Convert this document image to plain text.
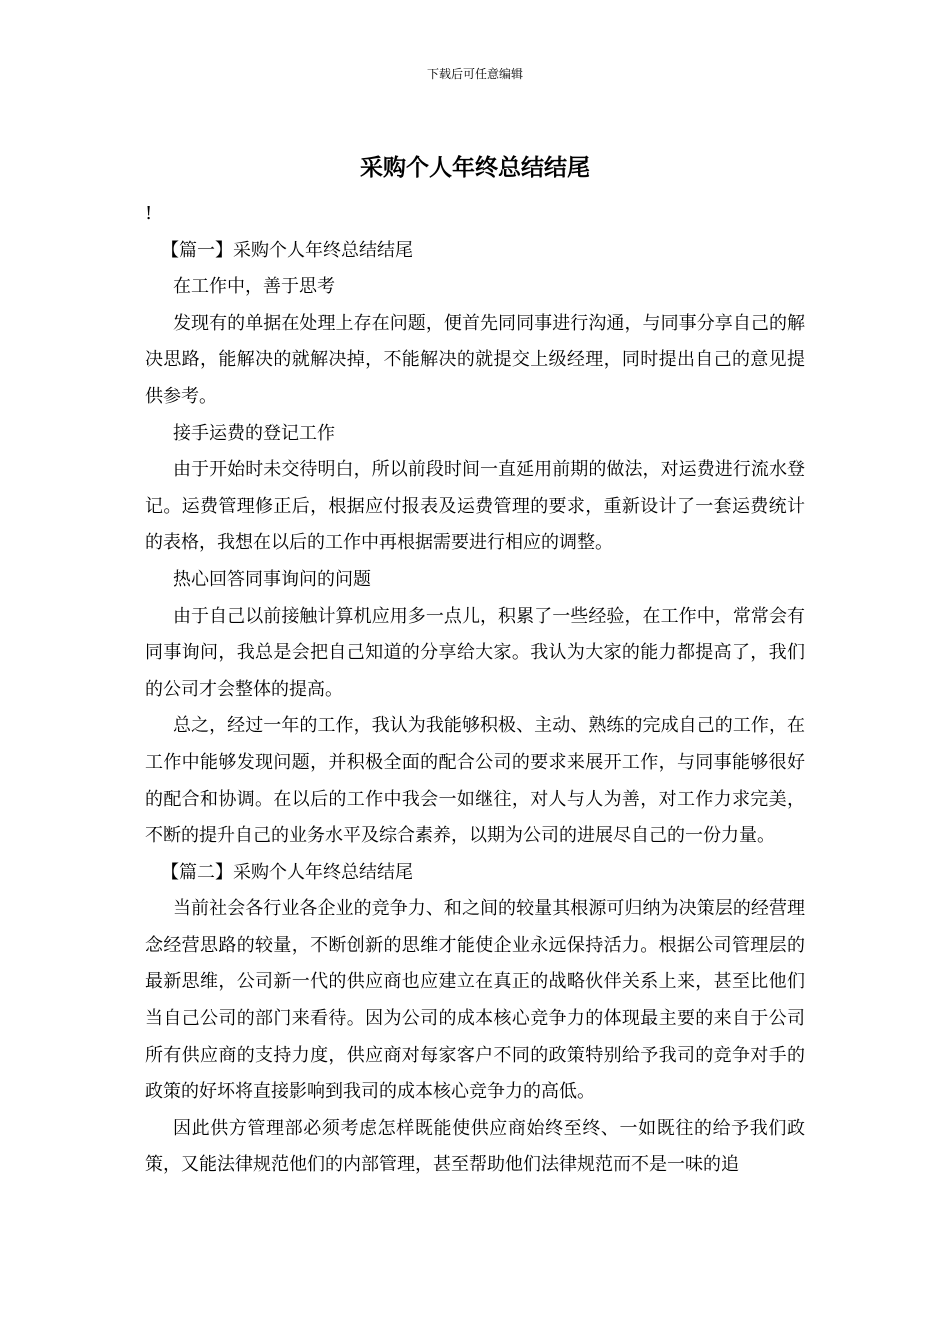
下载后可任意编辑
采购个人年终总结结尾

!

【篇一】采购个人年终总结结尾

在工作中，善于思考

发现有的单据在处理上存在问题，便首先同同事进行沟通，与同事分享自己的解决思路，能解决的就解决掉，不能解决的就提交上级经理，同时提出自己的意见提供参考。

接手运费的登记工作

由于开始时未交待明白，所以前段时间一直延用前期的做法，对运费进行流水登记。运费管理修正后，根据应付报表及运费管理的要求，重新设计了一套运费统计的表格，我想在以后的工作中再根据需要进行相应的调整。

热心回答同事询问的问题

由于自己以前接触计算机应用多一点儿，积累了一些经验，在工作中，常常会有同事询问，我总是会把自己知道的分享给大家。我认为大家的能力都提高了，我们的公司才会整体的提高。

总之，经过一年的工作，我认为我能够积极、主动、熟练的完成自己的工作，在工作中能够发现问题，并积极全面的配合公司的要求来展开工作，与同事能够很好的配合和协调。在以后的工作中我会一如继往，对人与人为善，对工作力求完美，不断的提升自己的业务水平及综合素养，以期为公司的进展尽自己的一份力量。

【篇二】采购个人年终总结结尾

当前社会各行业各企业的竞争力、和之间的较量其根源可归纳为决策层的经营理念经营思路的较量，不断创新的思维才能使企业永远保持活力。根据公司管理层的最新思维，公司新一代的供应商也应建立在真正的战略伙伴关系上来，甚至比他们当自己公司的部门来看待。因为公司的成本核心竞争力的体现最主要的来自于公司所有供应商的支持力度，供应商对每家客户不同的政策特别给予我司的竞争对手的政策的好坏将直接影响到我司的成本核心竞争力的高低。

因此供方管理部必须考虑怎样既能使供应商始终至终、一如既往的给予我们政策，又能法律规范他们的内部管理，甚至帮助他们法律规范而不是一味的追
